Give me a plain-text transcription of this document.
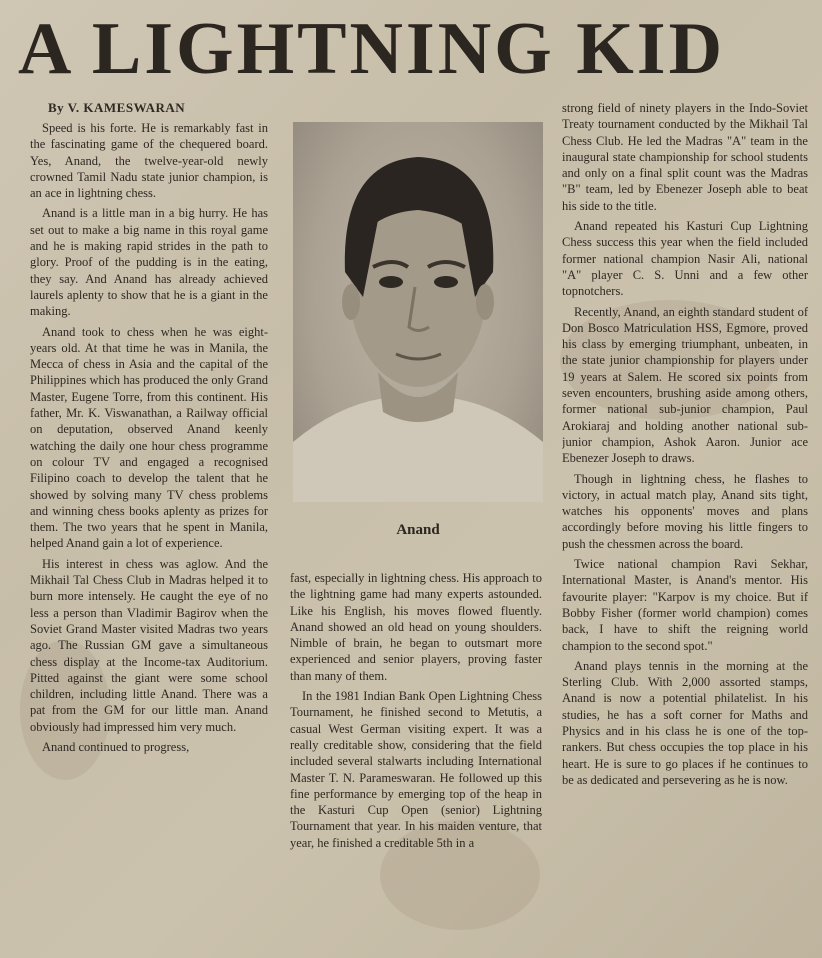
A LIGHTNING KID
By V. KAMESWARAN

Speed is his forte. He is remarkably fast in the fascinating game of the chequered board. Yes, Anand, the twelve-year-old newly crowned Tamil Nadu state junior champion, is an ace in lightning chess.

Anand is a little man in a big hurry. He has set out to make a big name in this royal game and he is making rapid strides in the path to glory. Proof of the pudding is in the eating, they say. And Anand has already achieved laurels aplenty to show that he is a giant in the making.

Anand took to chess when he was eight-years old. At that time he was in Manila, the Mecca of chess in Asia and the capital of the Philippines which has produced the only Grand Master, Eugene Torre, from this continent. His father, Mr. K. Viswanathan, a Railway official on deputation, observed Anand keenly watching the daily one hour chess programme on colour TV and engaged a recognised Filipino coach to develop the talent that he showed by solving many TV chess problems and winning chess books aplenty as prizes for them. The two years that he spent in Manila, helped Anand gain a lot of experience.

His interest in chess was aglow. And the Mikhail Tal Chess Club in Madras helped it to burn more intensely. He caught the eye of no less a person than Vladimir Bagirov when the Soviet Grand Master visited Madras two years ago. The Russian GM gave a simultaneous chess display at the Income-tax Auditorium. Pitted against the giant were some school children, including little Anand. There was a pat from the GM for our little man. Anand obviously had impressed him very much.

Anand continued to progress,

Anand

fast, especially in lightning chess. His approach to the lightning game had many experts astounded. Like his English, his moves flowed fluently. Anand showed an old head on young shoulders. Nimble of brain, he began to outsmart more experienced and senior players, proving faster than many of them.

In the 1981 Indian Bank Open Lightning Chess Tournament, he finished second to Metutis, a casual West German visiting expert. It was a really creditable show, considering that the field included several stalwarts including International Master T. N. Parameswaran. He followed up this fine performance by emerging top of the heap in the Kasturi Cup Open (senior) Lightning Tournament that year. In his maiden venture, that year, he finished a creditable 5th in a

strong field of ninety players in the Indo-Soviet Treaty tournament conducted by the Mikhail Tal Chess Club. He led the Madras "A" team in the inaugural state championship for school students and only on a final split count was the Madras "B" team, led by Ebenezer Joseph able to beat his side to the title.

Anand repeated his Kasturi Cup Lightning Chess success this year when the field included former national champion Nasir Ali, national "A" player C. S. Unni and a few other topnotchers.

Recently, Anand, an eighth standard student of Don Bosco Matriculation HSS, Egmore, proved his class by emerging triumphant, unbeaten, in the state junior championship for players under 19 years at Salem. He scored six points from seven encounters, brushing aside among others, former national sub-junior champion, Paul Arokiaraj and holding another national sub-junior champion, Ashok Aaron. Junior ace Ebenezer Joseph to draws.

Though in lightning chess, he flashes to victory, in actual match play, Anand sits tight, watches his opponents' moves and plans accordingly before moving his little fingers to push the chessmen across the board.

Twice national champion Ravi Sekhar, International Master, is Anand's mentor. His favourite player: "Karpov is my choice. But if Bobby Fisher (former world champion) comes back, I have to shift the reigning world champion to the second spot."

Anand plays tennis in the morning at the Sterling Club. With 2,000 assorted stamps, Anand is now a potential philatelist. In his studies, he has a soft corner for Maths and Physics and in his class he is one of the top-rankers. But chess occupies the top place in his heart. He is sure to go places if he continues to be as dedicated and persevering as he is now.
